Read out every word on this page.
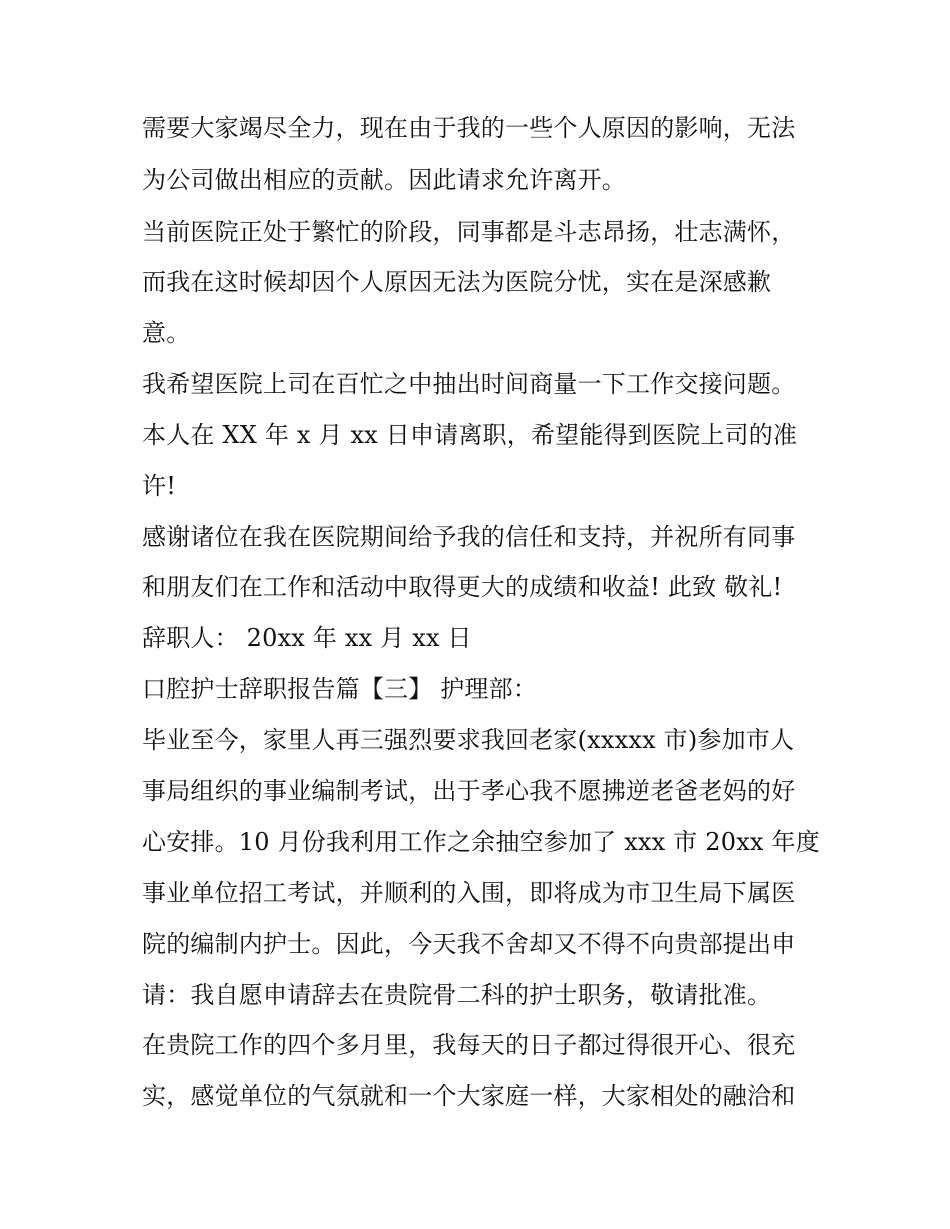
需要大家竭尽全力，现在由于我的一些个人原因的影响，无法
为公司做出相应的贡献。因此请求允许离开。
当前医院正处于繁忙的阶段，同事都是斗志昂扬，壮志满怀，
而我在这时候却因个人原因无法为医院分忧，实在是深感歉
意。
我希望医院上司在百忙之中抽出时间商量一下工作交接问题。
本人在 XX 年 x 月 xx 日申请离职，希望能得到医院上司的准
许!
感谢诸位在我在医院期间给予我的信任和支持，并祝所有同事
和朋友们在工作和活动中取得更大的成绩和收益! 此致 敬礼!
辞职人： 20xx 年 xx 月 xx 日
口腔护士辞职报告篇【三】 护理部：
毕业至今，家里人再三强烈要求我回老家(xxxxx 市)参加市人
事局组织的事业编制考试，出于孝心我不愿拂逆老爸老妈的好
心安排。10 月份我利用工作之余抽空参加了 xxx 市 20xx 年度
事业单位招工考试，并顺利的入围，即将成为市卫生局下属医
院的编制内护士。因此，今天我不舍却又不得不向贵部提出申
请：我自愿申请辞去在贵院骨二科的护士职务，敬请批准。
在贵院工作的四个多月里，我每天的日子都过得很开心、很充
实，感觉单位的气氛就和一个大家庭一样，大家相处的融洽和
